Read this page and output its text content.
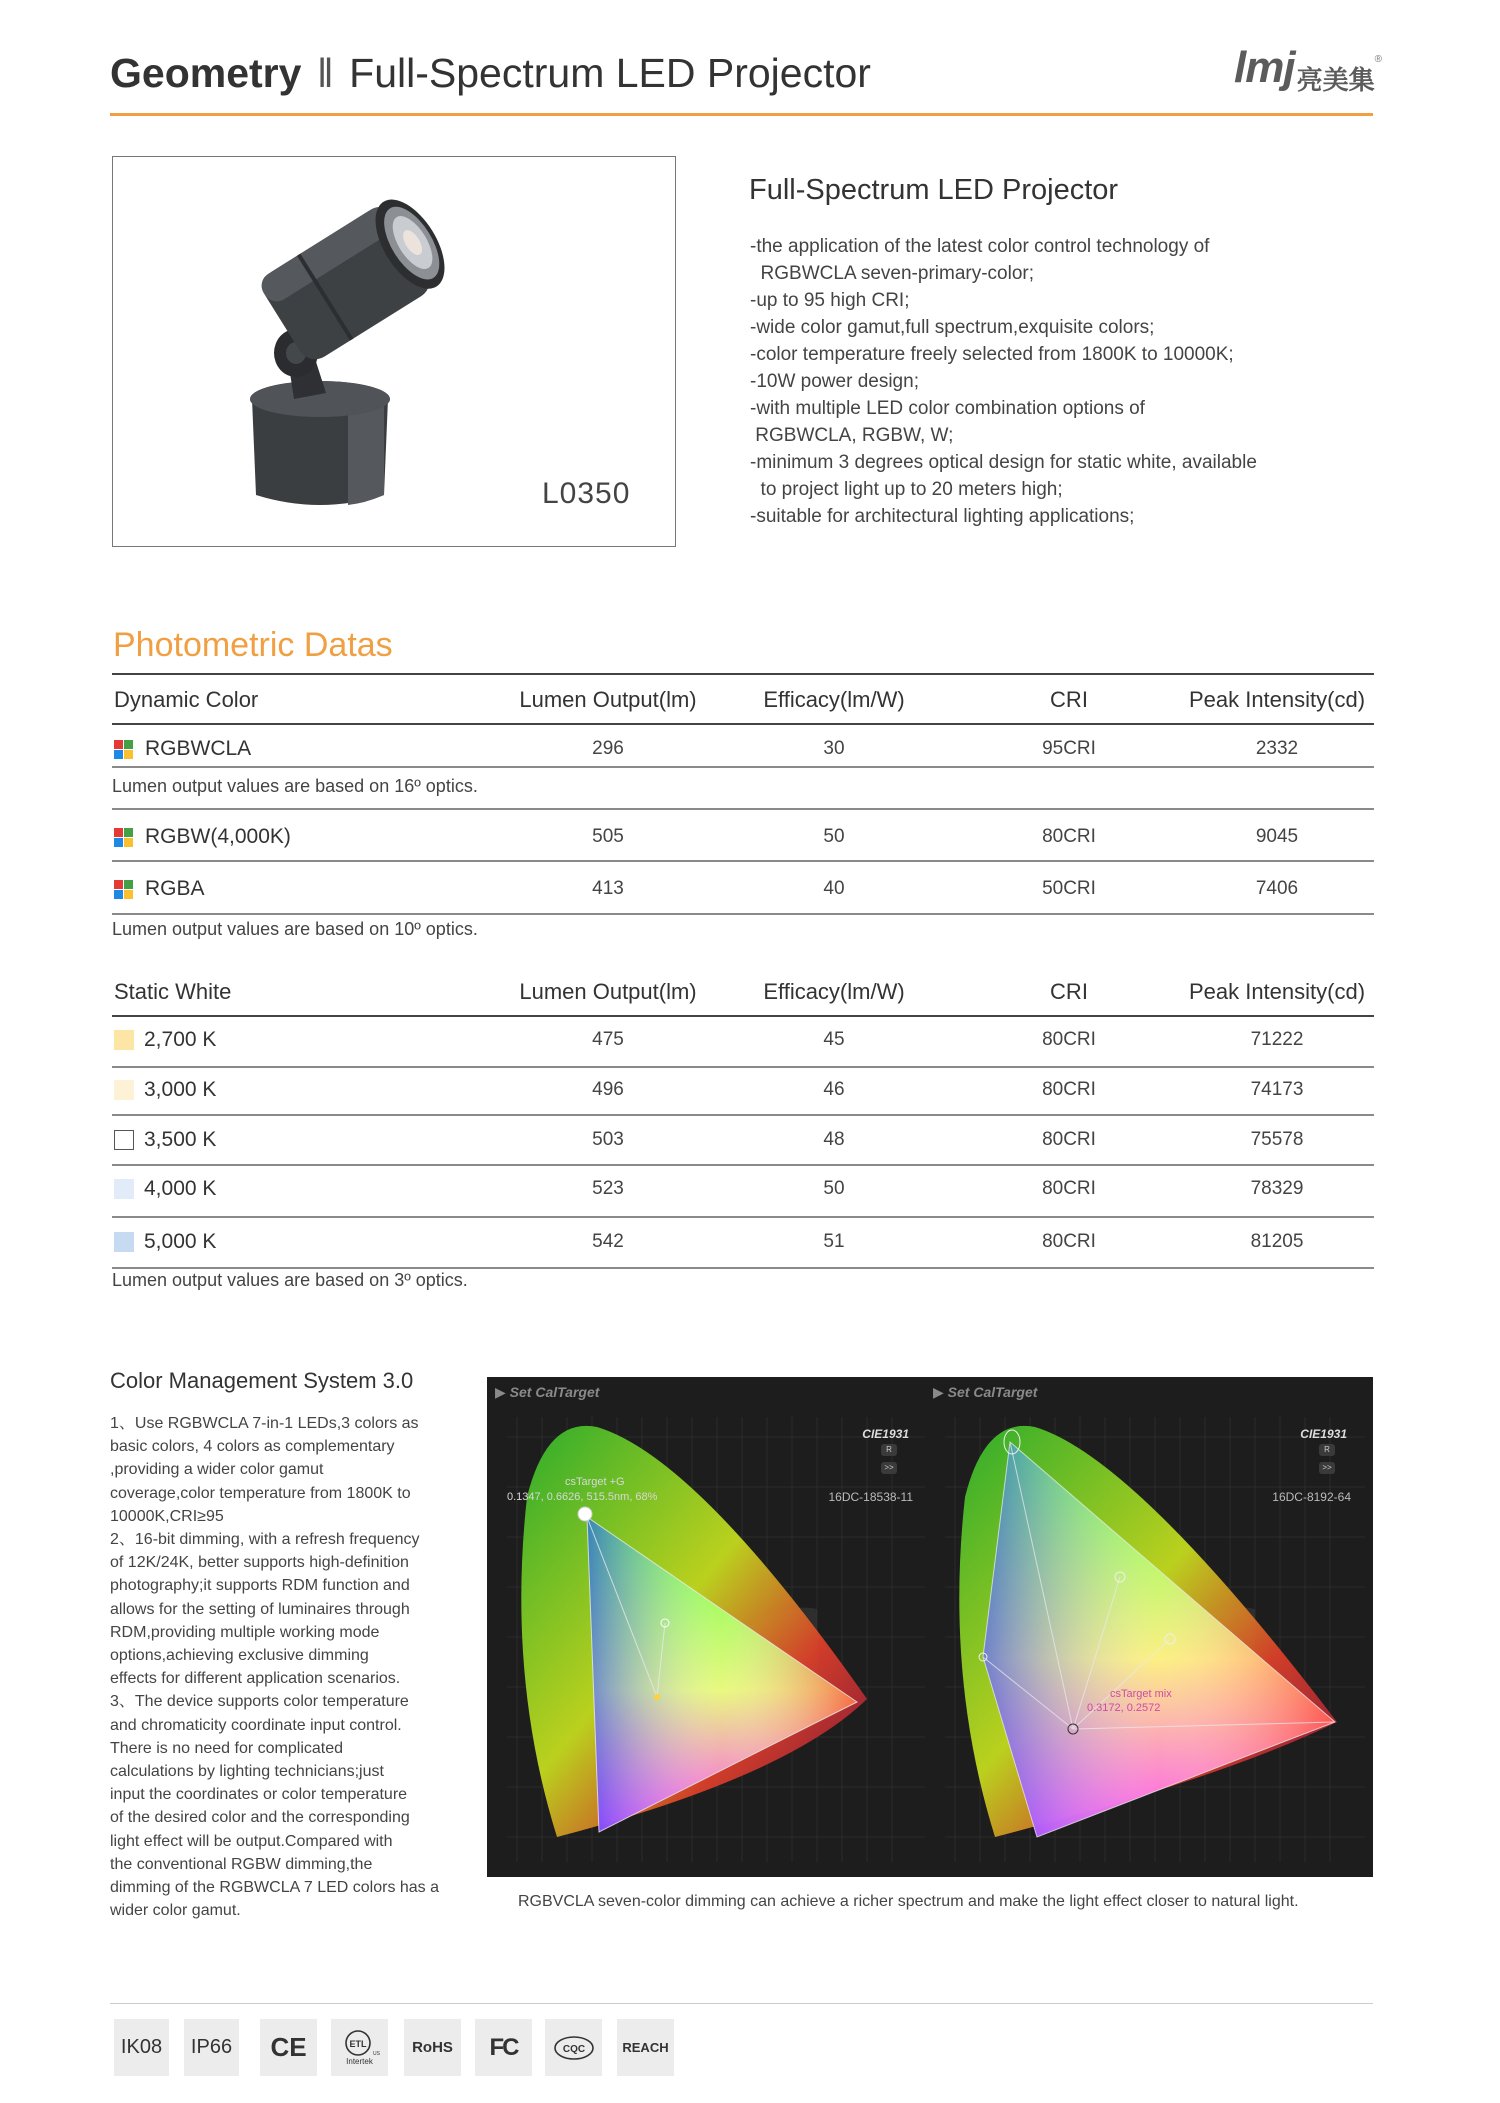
Geometry ‖ Full-Spectrum LED Projector	lmj 亮美集
®
L0350
Full-Spectrum LED Projector
-the application of the latest color control technology of
RGBWCLA seven-primary-color;
-up to 95 high CRI;
-wide color gamut,full spectrum,exquisite colors;
-color temperature freely selected from 1800K to 10000K;
-10W power design;
-with multiple LED color combination options of
RGBWCLA, RGBW, W;
-minimum 3 degrees optical design for static white, available
to project light up to 20 meters high;
-suitable for architectural lighting applications;
Photometric Datas
Dynamic Color	Lumen Output(lm)	Efficacy(lm/W)	CRI	Peak Intensity(cd)
RGBWCLA	296	30	95CRI	2332
Lumen output values are based on 16º optics.
RGBW(4,000K)	505	50	80CRI	9045
RGBA	413	40	50CRI	7406
Lumen output values are based on 10º optics.
Static White	Lumen Output(lm)	Efficacy(lm/W)	CRI	Peak Intensity(cd)
2,700 K	475	45	80CRI	71222
3,000 K	496	46	80CRI	74173
3,500 K	503	48	80CRI	75578
4,000 K	523	50	80CRI	78329
5,000 K	542	51	80CRI	81205
Lumen output values are based on 3º optics.
Color Management System 3.0
1、Use RGBWCLA 7-in-1 LEDs,3 colors as
basic colors, 4 colors as complementary
,providing a wider color gamut
coverage,color temperature from 1800K to
10000K,CRI≥95
2、16-bit dimming, with a refresh frequency
of 12K/24K, better supports high-definition
photography;it supports RDM function and
allows for the setting of luminaires through
RDM,providing multiple working mode
options,achieving exclusive dimming
effects for different application scenarios.
3、The device supports color temperature
and chromaticity coordinate input control.
There is no need for complicated
calculations by lighting technicians;just
input the coordinates or color temperature
of the desired color and the corresponding
light effect will be output.Compared with
the conventional RGBW dimming,the
dimming of the RGBWCLA 7 LED colors has a
wider color gamut.
▶ Set CalTarget
CIE1931
R
>>
16DC-18538-11
csTarget +G
0.1347, 0.6626, 515.5nm, 68%
▶ Set CalTarget
CIE1931
R
>>
16DC-8192-64
csTarget mix
0.3172, 0.2572
RGBVCLA seven-color dimming can achieve a richer spectrum and make the light effect closer to natural light.
IK08	IP66	CE	ETL
US
Intertek
RoHS	FC	CQC	REACH
